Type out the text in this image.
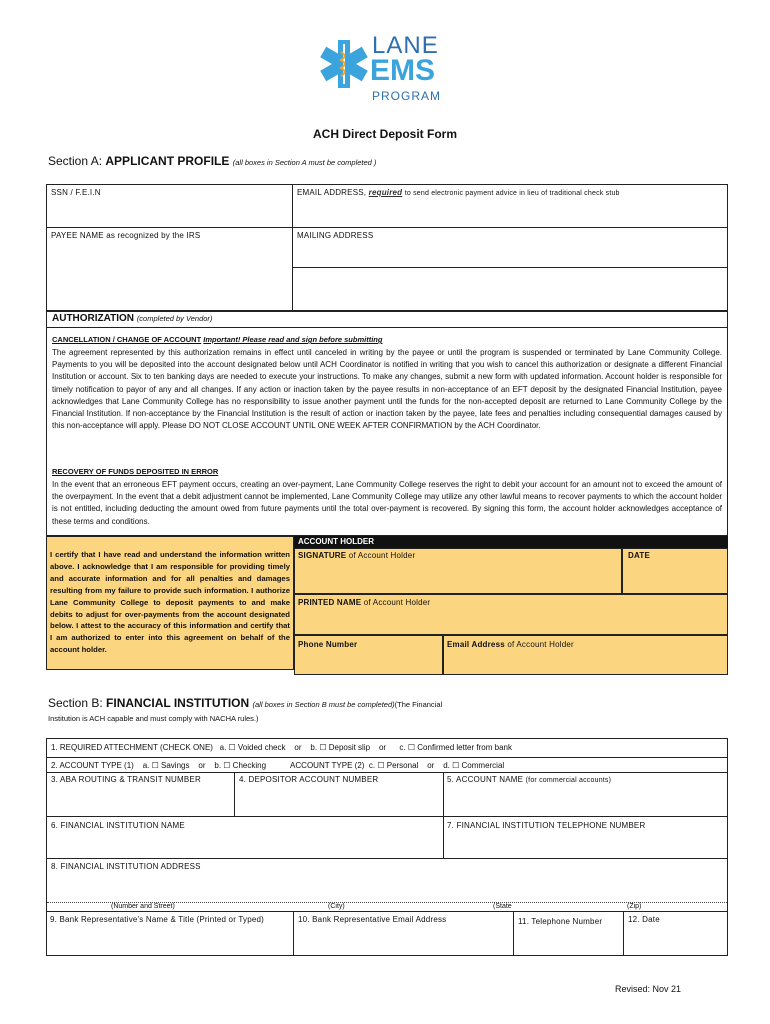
LANE
EMS
PROGRAM
ACH Direct Deposit Form
Section A: APPLICANT PROFILE (all boxes in Section A must be completed )
SSN / F.E.I.N	EMAIL ADDRESS, required to send electronic payment advice in lieu of traditional check stub
PAYEE NAME as recognized by the IRS	MAILING ADDRESS
AUTHORIZATION (completed by Vendor)
CANCELLATION / CHANGE OF ACCOUNT Important! Please read and sign before submitting
The agreement represented by this authorization remains in effect until canceled in writing by the payee or until the program is suspended or terminated by Lane Community College. Payments to you will be deposited into the account designated below until ACH Coordinator is notified in writing that you wish to cancel this authorization or designate a different Financial Institution or account. Six to ten banking days are needed to execute your instructions. To make any changes, submit a new form with updated information. Account holder is responsible for timely notification to payor of any and all changes. If any action or inaction taken by the payee results in non-acceptance of an EFT deposit by the designated Financial Institution, payee acknowledges that Lane Community College has no responsibility to issue another payment until the funds for the non-accepted deposit are returned to Lane Community College by the Financial Institution. If non-acceptance by the Financial Institution is the result of action or inaction taken by the payee, late fees and penalties including consequential damages caused by this non-acceptance will apply. Please DO NOT CLOSE ACCOUNT UNTIL ONE WEEK AFTER CONFIRMATION by the ACH Coordinator.
RECOVERY OF FUNDS DEPOSITED IN ERROR
In the event that an erroneous EFT payment occurs, creating an over-payment, Lane Community College reserves the right to debit your account for an amount not to exceed the amount of the overpayment. In the event that a debit adjustment cannot be implemented, Lane Community College may utilize any other lawful means to recover payments to which the account holder is not entitled, including deducting the amount owed from future payments until the total over-payment is recovered. By signing this form, the account holder acknowledges acceptance of these terms and conditions.
I certify that I have read and understand the information written above. I acknowledge that I am responsible for providing timely and accurate information and for all penalties and damages resulting from my failure to provide such information. I authorize Lane Community College to deposit payments to and make debits to adjust for over-payments from the account designated below. I attest to the accuracy of this information and certify that I am authorized to enter into this agreement on behalf of the account holder.
ACCOUNT HOLDER
SIGNATURE of Account Holder	DATE
PRINTED NAME of Account Holder
Phone Number	Email Address of Account Holder
Section B: FINANCIAL INSTITUTION (all boxes in Section B must be completed)(The Financial
Institution is ACH capable and must comply with NACHA rules.)
1. REQUIRED ATTECHMENT (CHECK ONE) a. ☐ Voided check or b. ☐ Deposit slip or c. ☐ Confirmed letter from bank
2. ACCOUNT TYPE (1) a. ☐ Savings or b. ☐ Checking	ACCOUNT TYPE (2) c. ☐ Personal or d. ☐ Commercial
3. ABA ROUTING & TRANSIT NUMBER	4. DEPOSITOR ACCOUNT NUMBER	5. ACCOUNT NAME (for commercial accounts)
6. FINANCIAL INSTITUTION NAME	7. FINANCIAL INSTITUTION TELEPHONE NUMBER
8. FINANCIAL INSTITUTION ADDRESS
(Number and Street)	(City)	(State	(Zip)
9. Bank Representative's Name & Title (Printed or Typed)	10. Bank Representative Email Address	11. Telephone Number	12. Date
Revised: Nov 21
